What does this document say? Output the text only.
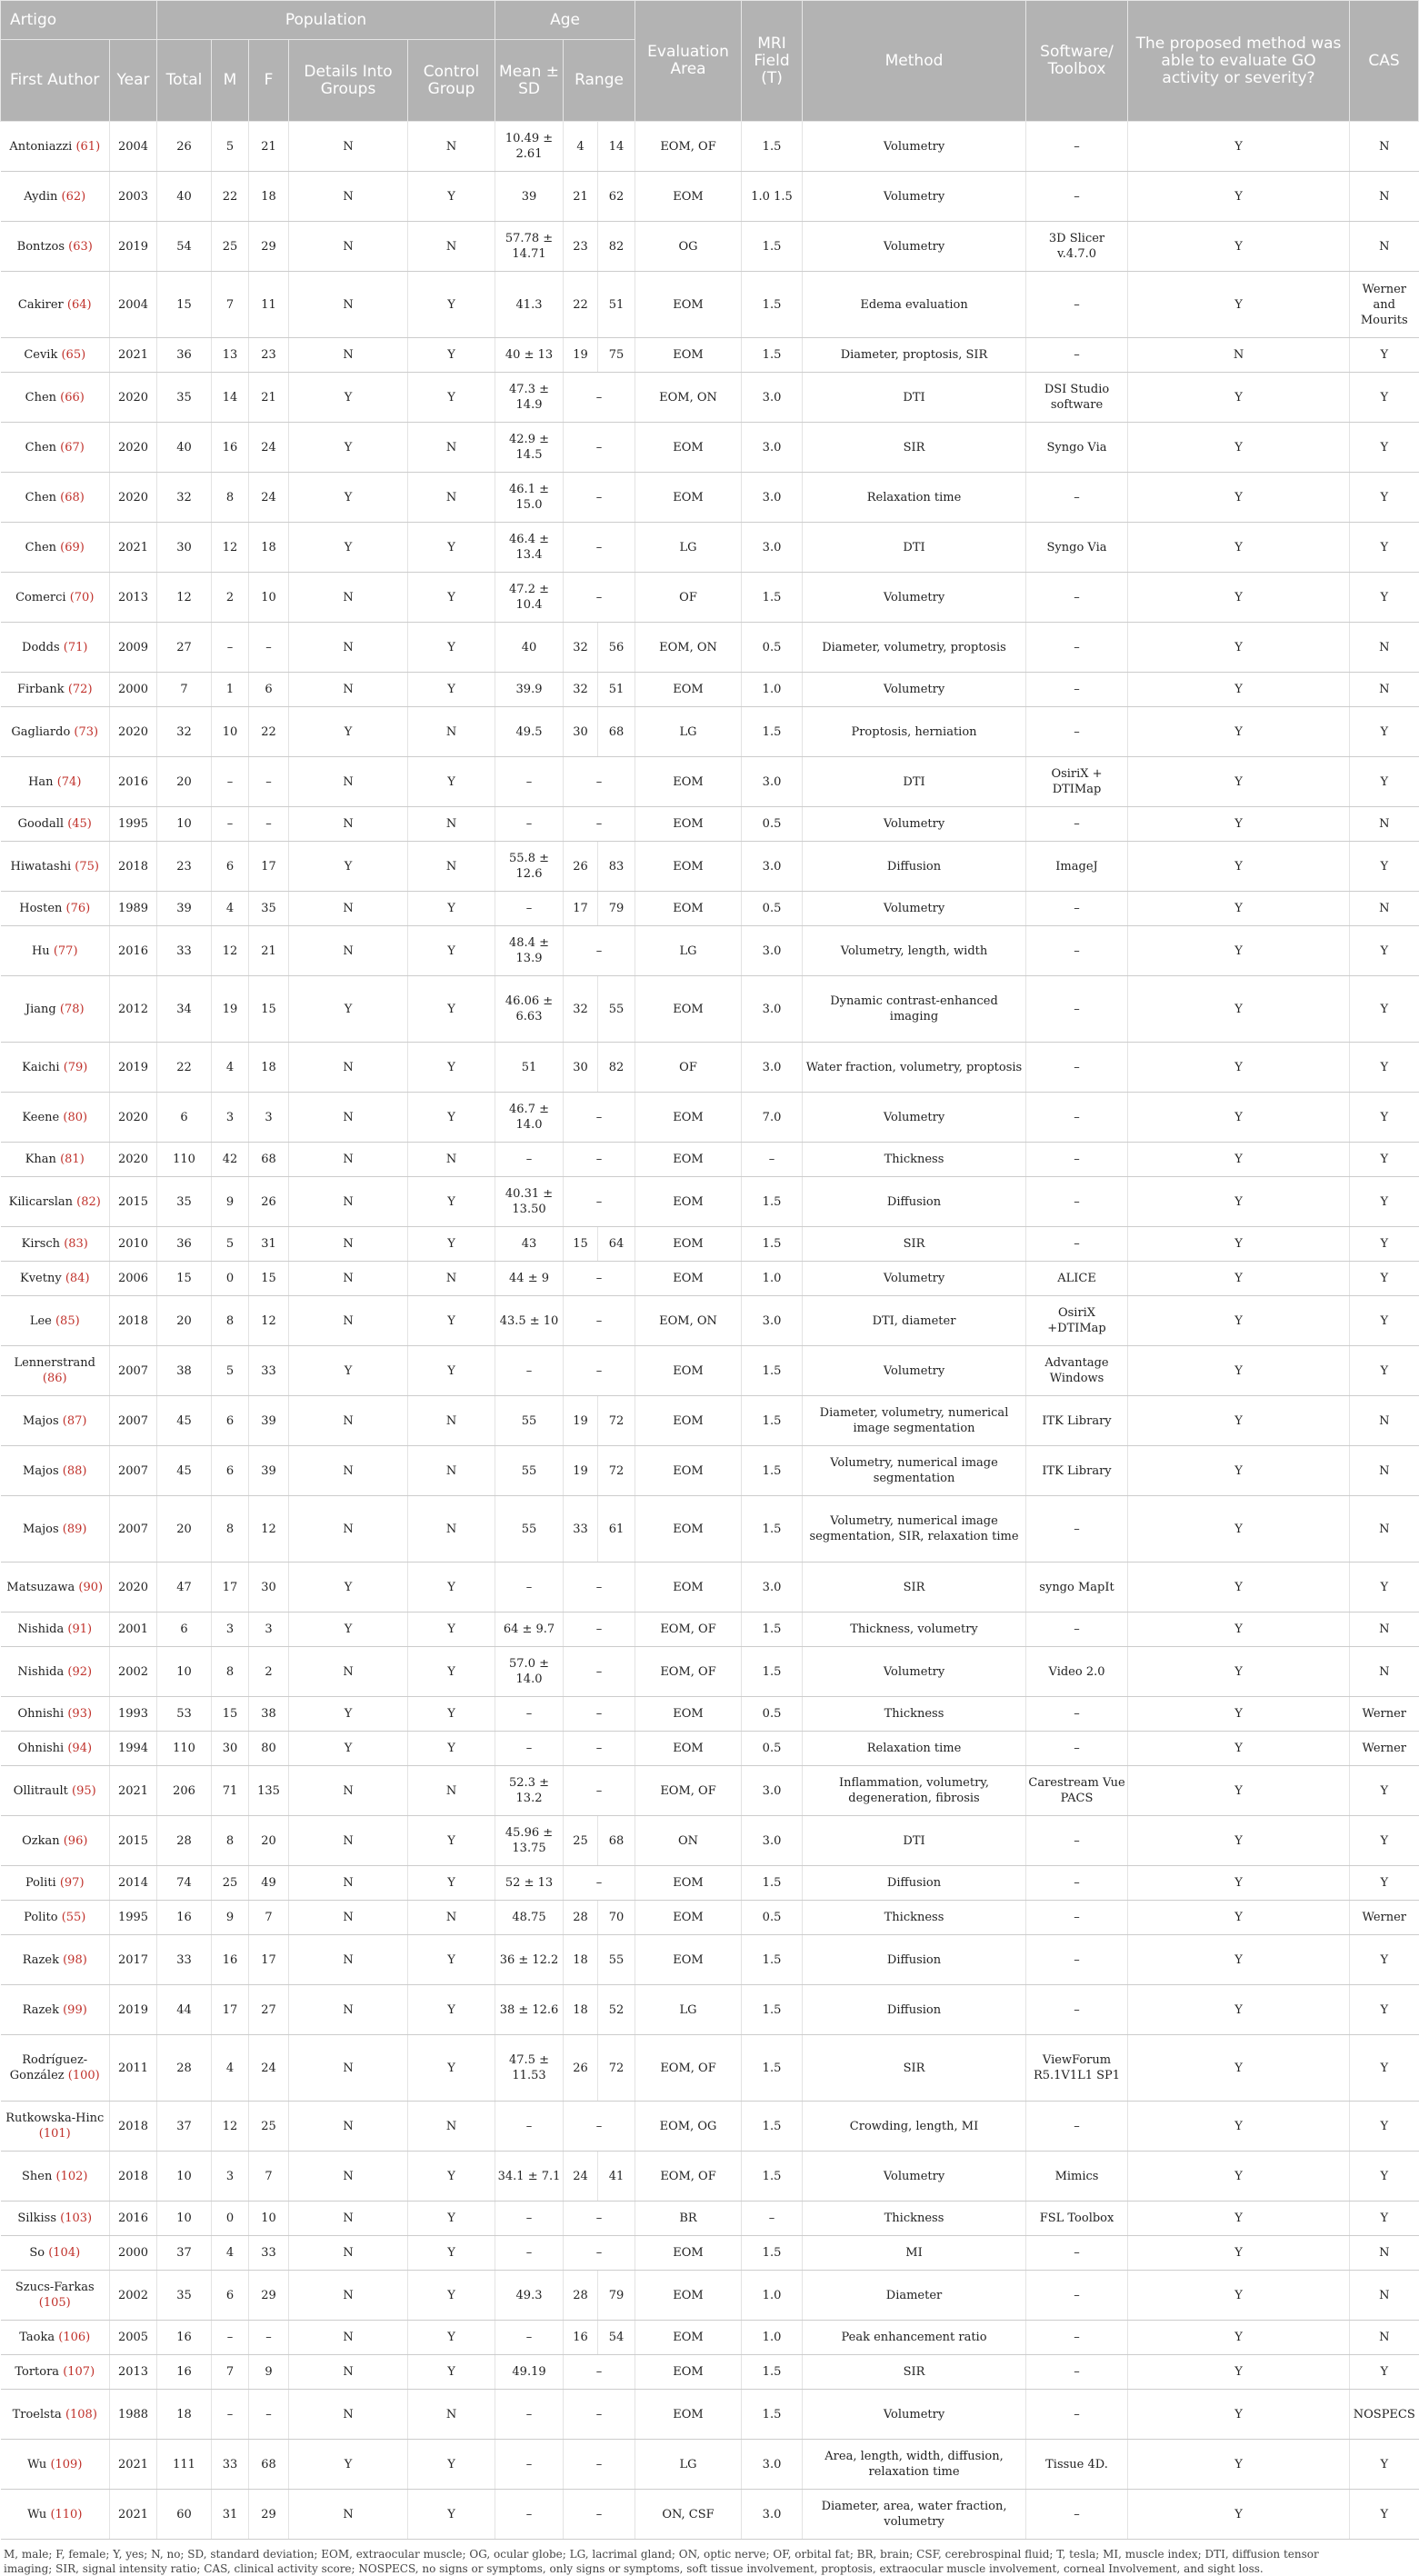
Artigo		Population					Age			Evaluation Area	MRI Field (T)	Method	Software/ Toolbox	The proposed method was able to evaluate GO activity or severity?	CAS
First Author	Year	Total	M	F	Details Into Groups	Control Group	Mean ± SD	Range							
Antoniazzi (61)	2004	26	5	21	N	N	10.49 ± 2.61	4	14	EOM, OF	1.5	Volumetry	–	Y	N
Aydin (62)	2003	40	22	18	N	Y	39	21	62	EOM	1.0 1.5	Volumetry	–	Y	N
Bontzos (63)	2019	54	25	29	N	N	57.78 ± 14.71	23	82	OG	1.5	Volumetry	3D Slicer v.4.7.0	Y	N
Cakirer (64)	2004	15	7	11	N	Y	41.3	22	51	EOM	1.5	Edema evaluation	–	Y	Werner and Mourits
Cevik (65)	2021	36	13	23	N	Y	40 ± 13	19	75	EOM	1.5	Diameter, proptosis, SIR	–	N	Y
Chen (66)	2020	35	14	21	Y	Y	47.3 ± 14.9	–		EOM, ON	3.0	DTI	DSI Studio software	Y	Y
Chen (67)	2020	40	16	24	Y	N	42.9 ± 14.5	–		EOM	3.0	SIR	Syngo Via	Y	Y
Chen (68)	2020	32	8	24	Y	N	46.1 ± 15.0	–		EOM	3.0	Relaxation time	–	Y	Y
Chen (69)	2021	30	12	18	Y	Y	46.4 ± 13.4	–		LG	3.0	DTI	Syngo Via	Y	Y
Comerci (70)	2013	12	2	10	N	Y	47.2 ± 10.4	–		OF	1.5	Volumetry	–	Y	Y
Dodds (71)	2009	27	–	–	N	Y	40	32	56	EOM, ON	0.5	Diameter, volumetry, proptosis	–	Y	N
Firbank (72)	2000	7	1	6	N	Y	39.9	32	51	EOM	1.0	Volumetry	–	Y	N
Gagliardo (73)	2020	32	10	22	Y	N	49.5	30	68	LG	1.5	Proptosis, herniation	–	Y	Y
Han (74)	2016	20	–	–	N	Y	–	–		EOM	3.0	DTI	OsiriX + DTIMap	Y	Y
Goodall (45)	1995	10	–	–	N	N	–	–		EOM	0.5	Volumetry	–	Y	N
Hiwatashi (75)	2018	23	6	17	Y	N	55.8 ± 12.6	26	83	EOM	3.0	Diffusion	ImageJ	Y	Y
Hosten (76)	1989	39	4	35	N	Y	–	17	79	EOM	0.5	Volumetry	–	Y	N
Hu (77)	2016	33	12	21	N	Y	48.4 ± 13.9	–		LG	3.0	Volumetry, length, width	–	Y	Y
Jiang (78)	2012	34	19	15	Y	Y	46.06 ± 6.63	32	55	EOM	3.0	Dynamic contrast-enhanced imaging	–	Y	Y
Kaichi (79)	2019	22	4	18	N	Y	51	30	82	OF	3.0	Water fraction, volumetry, proptosis	–	Y	Y
Keene (80)	2020	6	3	3	N	Y	46.7 ± 14.0	–		EOM	7.0	Volumetry	–	Y	Y
Khan (81)	2020	110	42	68	N	N	–	–		EOM	–	Thickness	–	Y	Y
Kilicarslan (82)	2015	35	9	26	N	Y	40.31 ± 13.50	–		EOM	1.5	Diffusion	–	Y	Y
Kirsch (83)	2010	36	5	31	N	Y	43	15	64	EOM	1.5	SIR	–	Y	Y
Kvetny (84)	2006	15	0	15	N	N	44 ± 9	–		EOM	1.0	Volumetry	ALICE	Y	Y
Lee (85)	2018	20	8	12	N	Y	43.5 ± 10	–		EOM, ON	3.0	DTI, diameter	OsiriX +DTIMap	Y	Y
Lennerstrand (86)	2007	38	5	33	Y	Y	–	–		EOM	1.5	Volumetry	Advantage Windows	Y	Y
Majos (87)	2007	45	6	39	N	N	55	19	72	EOM	1.5	Diameter, volumetry, numerical image segmentation	ITK Library	Y	N
Majos (88)	2007	45	6	39	N	N	55	19	72	EOM	1.5	Volumetry, numerical image segmentation	ITK Library	Y	N
Majos (89)	2007	20	8	12	N	N	55	33	61	EOM	1.5	Volumetry, numerical image segmentation, SIR, relaxation time	–	Y	N
Matsuzawa (90)	2020	47	17	30	Y	Y	–	–		EOM	3.0	SIR	syngo MapIt	Y	Y
Nishida (91)	2001	6	3	3	Y	Y	64 ± 9.7	–		EOM, OF	1.5	Thickness, volumetry	–	Y	N
Nishida (92)	2002	10	8	2	N	Y	57.0 ± 14.0	–		EOM, OF	1.5	Volumetry	Video 2.0	Y	N
Ohnishi (93)	1993	53	15	38	Y	Y	–	–		EOM	0.5	Thickness	–	Y	Werner
Ohnishi (94)	1994	110	30	80	Y	Y	–	–		EOM	0.5	Relaxation time	–	Y	Werner
Ollitrault (95)	2021	206	71	135	N	N	52.3 ± 13.2	–		EOM, OF	3.0	Inflammation, volumetry, degeneration, fibrosis	Carestream Vue PACS	Y	Y
Ozkan (96)	2015	28	8	20	N	Y	45.96 ± 13.75	25	68	ON	3.0	DTI	–	Y	Y
Politi (97)	2014	74	25	49	N	Y	52 ± 13	–		EOM	1.5	Diffusion	–	Y	Y
Polito (55)	1995	16	9	7	N	N	48.75	28	70	EOM	0.5	Thickness	–	Y	Werner
Razek (98)	2017	33	16	17	N	Y	36 ± 12.2	18	55	EOM	1.5	Diffusion	–	Y	Y
Razek (99)	2019	44	17	27	N	Y	38 ± 12.6	18	52	LG	1.5	Diffusion	–	Y	Y
Rodríguez-González (100)	2011	28	4	24	N	Y	47.5 ± 11.53	26	72	EOM, OF	1.5	SIR	ViewForum R5.1V1L1 SP1	Y	Y
Rutkowska-Hinc (101)	2018	37	12	25	N	N	–	–		EOM, OG	1.5	Crowding, length, MI	–	Y	Y
Shen (102)	2018	10	3	7	N	Y	34.1 ± 7.1	24	41	EOM, OF	1.5	Volumetry	Mimics	Y	Y
Silkiss (103)	2016	10	0	10	N	Y	–	–		BR	–	Thickness	FSL Toolbox	Y	Y
So (104)	2000	37	4	33	N	Y	–	–		EOM	1.5	MI	–	Y	N
Szucs-Farkas (105)	2002	35	6	29	N	Y	49.3	28	79	EOM	1.0	Diameter	–	Y	N
Taoka (106)	2005	16	–	–	N	Y	–	16	54	EOM	1.0	Peak enhancement ratio	–	Y	N
Tortora (107)	2013	16	7	9	N	Y	49.19	–		EOM	1.5	SIR	–	Y	Y
Troelsta (108)	1988	18	–	–	N	N	–	–		EOM	1.5	Volumetry	–	Y	NOSPECS
Wu (109)	2021	111	33	68	Y	Y	–	–		LG	3.0	Area, length, width, diffusion, relaxation time	Tissue 4D.	Y	Y
Wu (110)	2021	60	31	29	N	Y	–	–		ON, CSF	3.0	Diameter, area, water fraction, volumetry	–	Y	Y
M, male; F, female; Y, yes; N, no; SD, standard deviation; EOM, extraocular muscle; OG, ocular globe; LG, lacrimal gland; ON, optic nerve; OF, orbital fat; BR, brain; CSF, cerebrospinal fluid; T, tesla; MI, muscle index; DTI, diffusion tensor imaging; SIR, signal intensity ratio; CAS, clinical activity score; NOSPECS, no signs or symptoms, only signs or symptoms, soft tissue involvement, proptosis, extraocular muscle involvement, corneal Involvement, and sight loss.
